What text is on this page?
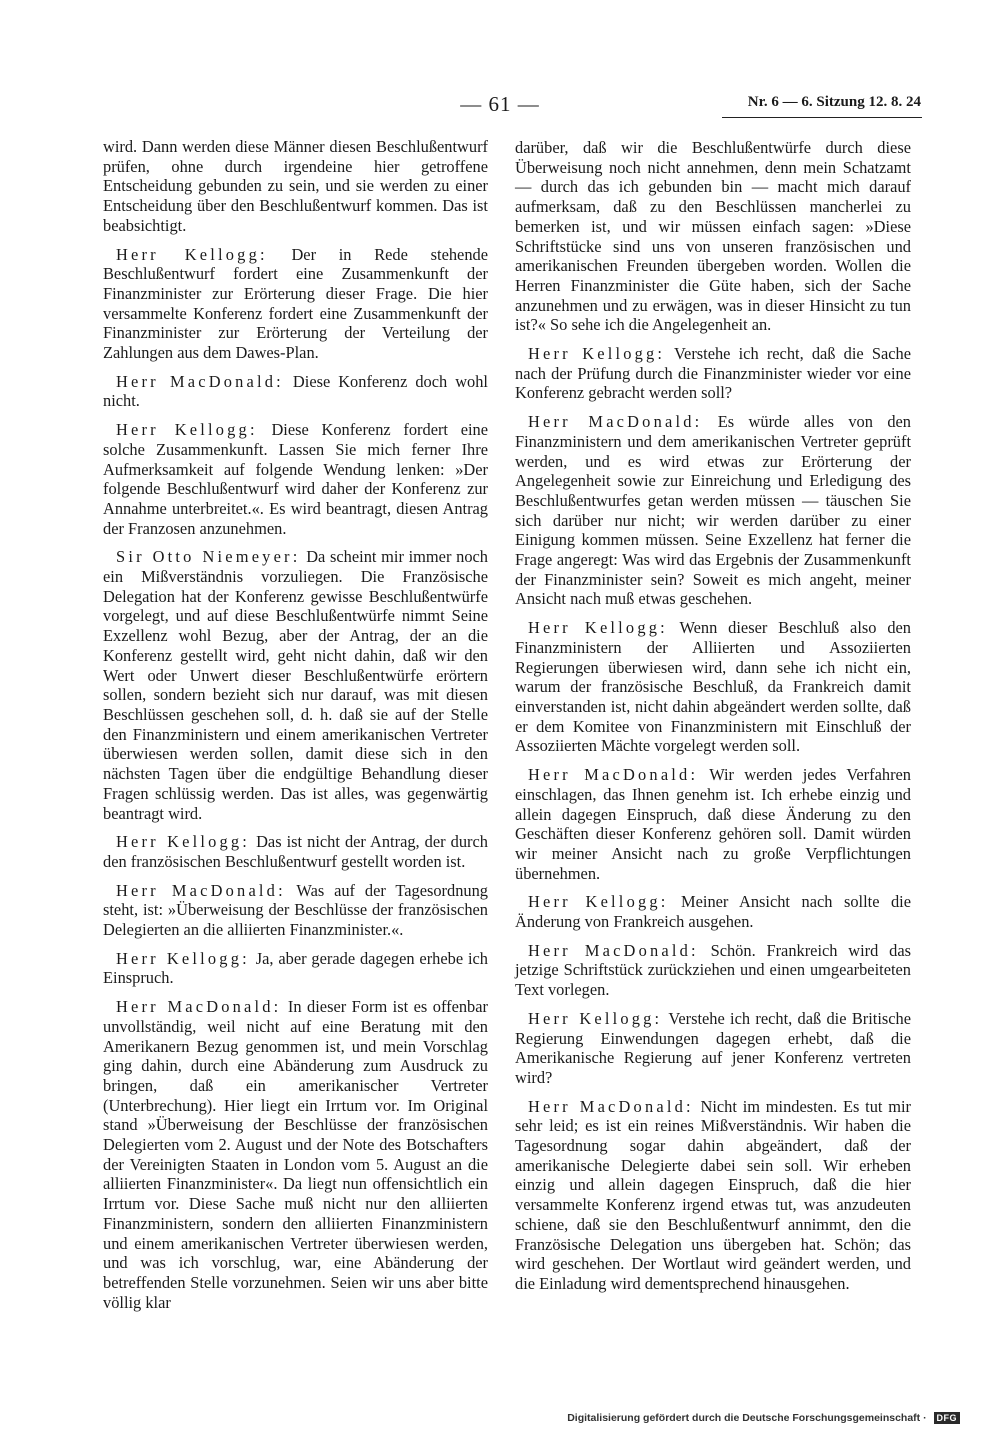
— 61 —	Nr. 6 — 6. Sitzung 12. 8. 24

wird. Dann werden diese Männer diesen Beschlußentwurf prüfen, ohne durch irgendeine hier getroffene Entscheidung gebunden zu sein, und sie werden zu einer Entscheidung über den Beschlußentwurf kommen. Das ist beabsichtigt.

Herr Kellogg: Der in Rede stehende Beschlußentwurf fordert eine Zusammenkunft der Finanzminister zur Erörterung dieser Frage. Die hier versammelte Konferenz fordert eine Zusammenkunft der Finanzminister zur Erörterung der Verteilung der Zahlungen aus dem Dawes-Plan.

Herr MacDonald: Diese Konferenz doch wohl nicht.

Herr Kellogg: Diese Konferenz fordert eine solche Zusammenkunft. Lassen Sie mich ferner Ihre Aufmerksamkeit auf folgende Wendung lenken: »Der folgende Beschlußentwurf wird daher der Konferenz zur Annahme unterbreitet.«. Es wird beantragt, diesen Antrag der Franzosen anzunehmen.

Sir Otto Niemeyer: Da scheint mir immer noch ein Mißverständnis vorzuliegen. Die Französische Delegation hat der Konferenz gewisse Beschlußentwürfe vorgelegt, und auf diese Beschlußentwürfe nimmt Seine Exzellenz wohl Bezug, aber der Antrag, der an die Konferenz gestellt wird, geht nicht dahin, daß wir den Wert oder Unwert dieser Beschlußentwürfe erörtern sollen, sondern bezieht sich nur darauf, was mit diesen Beschlüssen geschehen soll, d. h. daß sie auf der Stelle den Finanzministern und einem amerikanischen Vertreter überwiesen werden sollen, damit diese sich in den nächsten Tagen über die endgültige Behandlung dieser Fragen schlüssig werden. Das ist alles, was gegenwärtig beantragt wird.

Herr Kellogg: Das ist nicht der Antrag, der durch den französischen Beschlußentwurf gestellt worden ist.

Herr MacDonald: Was auf der Tagesordnung steht, ist: »Überweisung der Beschlüsse der französischen Delegierten an die alliierten Finanzminister.«.

Herr Kellogg: Ja, aber gerade dagegen erhebe ich Einspruch.

Herr MacDonald: In dieser Form ist es offenbar unvollständig, weil nicht auf eine Beratung mit den Amerikanern Bezug genommen ist, und mein Vorschlag ging dahin, durch eine Abänderung zum Ausdruck zu bringen, daß ein amerikanischer Vertreter (Unterbrechung). Hier liegt ein Irrtum vor. Im Original stand »Überweisung der Beschlüsse der französischen Delegierten vom 2. August und der Note des Botschafters der Vereinigten Staaten in London vom 5. August an die alliierten Finanzminister«. Da liegt nun offensichtlich ein Irrtum vor. Diese Sache muß nicht nur den alliierten Finanzministern, sondern den alliierten Finanzministern und einem amerikanischen Vertreter überwiesen werden, und was ich vorschlug, war, eine Abänderung der betreffenden Stelle vorzunehmen. Seien wir uns aber bitte völlig klar

darüber, daß wir die Beschlußentwürfe durch diese Überweisung noch nicht annehmen, denn mein Schatzamt — durch das ich gebunden bin — macht mich darauf aufmerksam, daß zu den Beschlüssen mancherlei zu bemerken ist, und wir müssen einfach sagen: »Diese Schriftstücke sind uns von unseren französischen und amerikanischen Freunden übergeben worden. Wollen die Herren Finanzminister die Güte haben, sich der Sache anzunehmen und zu erwägen, was in dieser Hinsicht zu tun ist?« So sehe ich die Angelegenheit an.

Herr Kellogg: Verstehe ich recht, daß die Sache nach der Prüfung durch die Finanzminister wieder vor eine Konferenz gebracht werden soll?

Herr MacDonald: Es würde alles von den Finanzministern und dem amerikanischen Vertreter geprüft werden, und es wird etwas zur Erörterung der Angelegenheit sowie zur Einreichung und Erledigung des Beschlußentwurfes getan werden müssen — täuschen Sie sich darüber nur nicht; wir werden darüber zu einer Einigung kommen müssen. Seine Exzellenz hat ferner die Frage angeregt: Was wird das Ergebnis der Zusammenkunft der Finanzminister sein? Soweit es mich angeht, meiner Ansicht nach muß etwas geschehen.

Herr Kellogg: Wenn dieser Beschluß also den Finanzministern der Alliierten und Assoziierten Regierungen überwiesen wird, dann sehe ich nicht ein, warum der französische Beschluß, da Frankreich damit einverstanden ist, nicht dahin abgeändert werden sollte, daß er dem Komitee von Finanzministern mit Einschluß der Assoziierten Mächte vorgelegt werden soll.

Herr MacDonald: Wir werden jedes Verfahren einschlagen, das Ihnen genehm ist. Ich erhebe einzig und allein dagegen Einspruch, daß diese Änderung zu den Geschäften dieser Konferenz gehören soll. Damit würden wir meiner Ansicht nach zu große Verpflichtungen übernehmen.

Herr Kellogg: Meiner Ansicht nach sollte die Änderung von Frankreich ausgehen.

Herr MacDonald: Schön. Frankreich wird das jetzige Schriftstück zurückziehen und einen umgearbeiteten Text vorlegen.

Herr Kellogg: Verstehe ich recht, daß die Britische Regierung Einwendungen dagegen erhebt, daß die Amerikanische Regierung auf jener Konferenz vertreten wird?

Herr MacDonald: Nicht im mindesten. Es tut mir sehr leid; es ist ein reines Mißverständnis. Wir haben die Tagesordnung sogar dahin abgeändert, daß der amerikanische Delegierte dabei sein soll. Wir erheben einzig und allein dagegen Einspruch, daß die hier versammelte Konferenz irgend etwas tut, was anzudeuten schiene, daß sie den Beschlußentwurf annimmt, den die Französische Delegation uns übergeben hat. Schön; das wird geschehen. Der Wortlaut wird geändert werden, und die Einladung wird dementsprechend hinausgehen.

Digitalisierung gefördert durch die Deutsche Forschungsgemeinschaft · DFG
